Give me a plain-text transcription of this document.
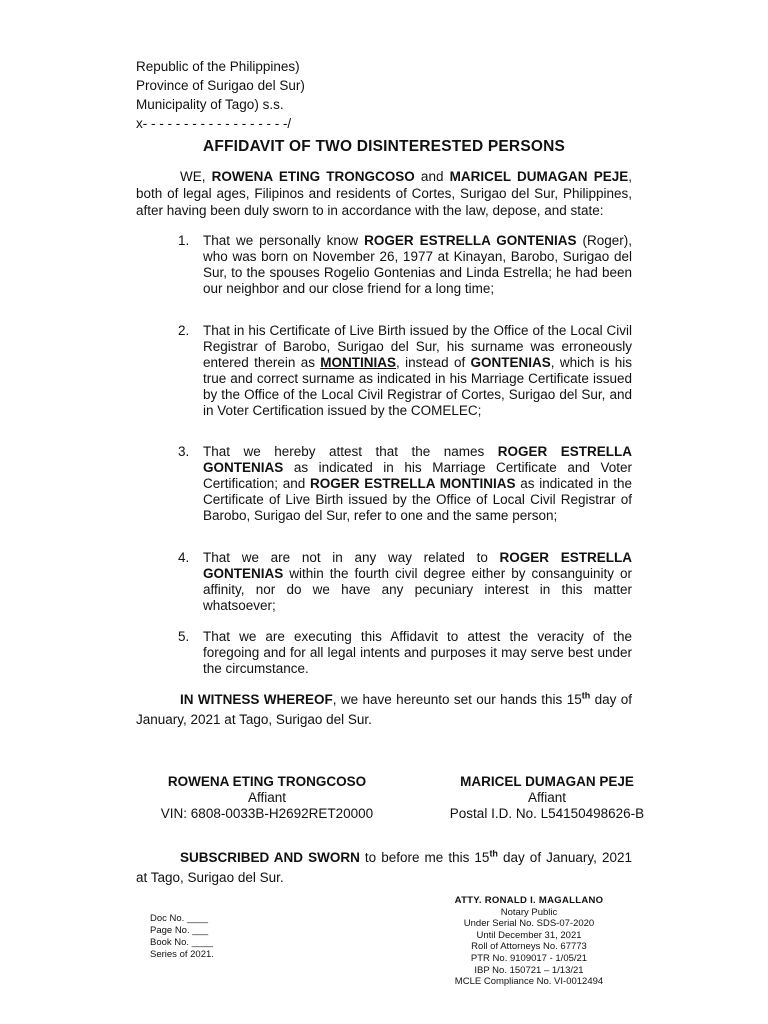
Republic of the Philippines)
Province of Surigao del Sur)
Municipality of Tago) s.s.
x- - - - - - - - - - - - - - - - - -/
AFFIDAVIT OF TWO DISINTERESTED PERSONS

WE, ROWENA ETING TRONGCOSO and MARICEL DUMAGAN PEJE, both of legal ages, Filipinos and residents of Cortes, Surigao del Sur, Philippines, after having been duly sworn to in accordance with the law, depose, and state:

1.	That we personally know ROGER ESTRELLA GONTENIAS (Roger), who was born on November 26, 1977 at Kinayan, Barobo, Surigao del Sur, to the spouses Rogelio Gontenias and Linda Estrella; he had been our neighbor and our close friend for a long time;
2.	That in his Certificate of Live Birth issued by the Office of the Local Civil Registrar of Barobo, Surigao del Sur, his surname was erroneously entered therein as MONTINIAS, instead of GONTENIAS, which is his true and correct surname as indicated in his Marriage Certificate issued by the Office of the Local Civil Registrar of Cortes, Surigao del Sur, and in Voter Certification issued by the COMELEC;
3.	That we hereby attest that the names ROGER ESTRELLA GONTENIAS as indicated in his Marriage Certificate and Voter Certification; and ROGER ESTRELLA MONTINIAS as indicated in the Certificate of Live Birth issued by the Office of Local Civil Registrar of Barobo, Surigao del Sur, refer to one and the same person;
4.	That we are not in any way related to ROGER ESTRELLA GONTENIAS within the fourth civil degree either by consanguinity or affinity, nor do we have any pecuniary interest in this matter whatsoever;
5.	That we are executing this Affidavit to attest the veracity of the foregoing and for all legal intents and purposes it may serve best under the circumstance.

IN WITNESS WHEREOF, we have hereunto set our hands this 15th day of January, 2021 at Tago, Surigao del Sur.

ROWENA ETING TRONGCOSO
Affiant
VIN: 6808-0033B-H2692RET20000
MARICEL DUMAGAN PEJE
Affiant
Postal I.D. No. L54150498626-B

SUBSCRIBED AND SWORN to before me this 15th day of January, 2021 at Tago, Surigao del Sur.

Doc No. ____
Page No. ___
Book No. ____
Series of 2021.
ATTY. RONALD I. MAGALLANO
Notary Public
Under Serial No. SDS-07-2020
Until December 31, 2021
Roll of Attorneys No. 67773
PTR No. 9109017 - 1/05/21
IBP No. 150721 – 1/13/21
MCLE Compliance No. VI-0012494
